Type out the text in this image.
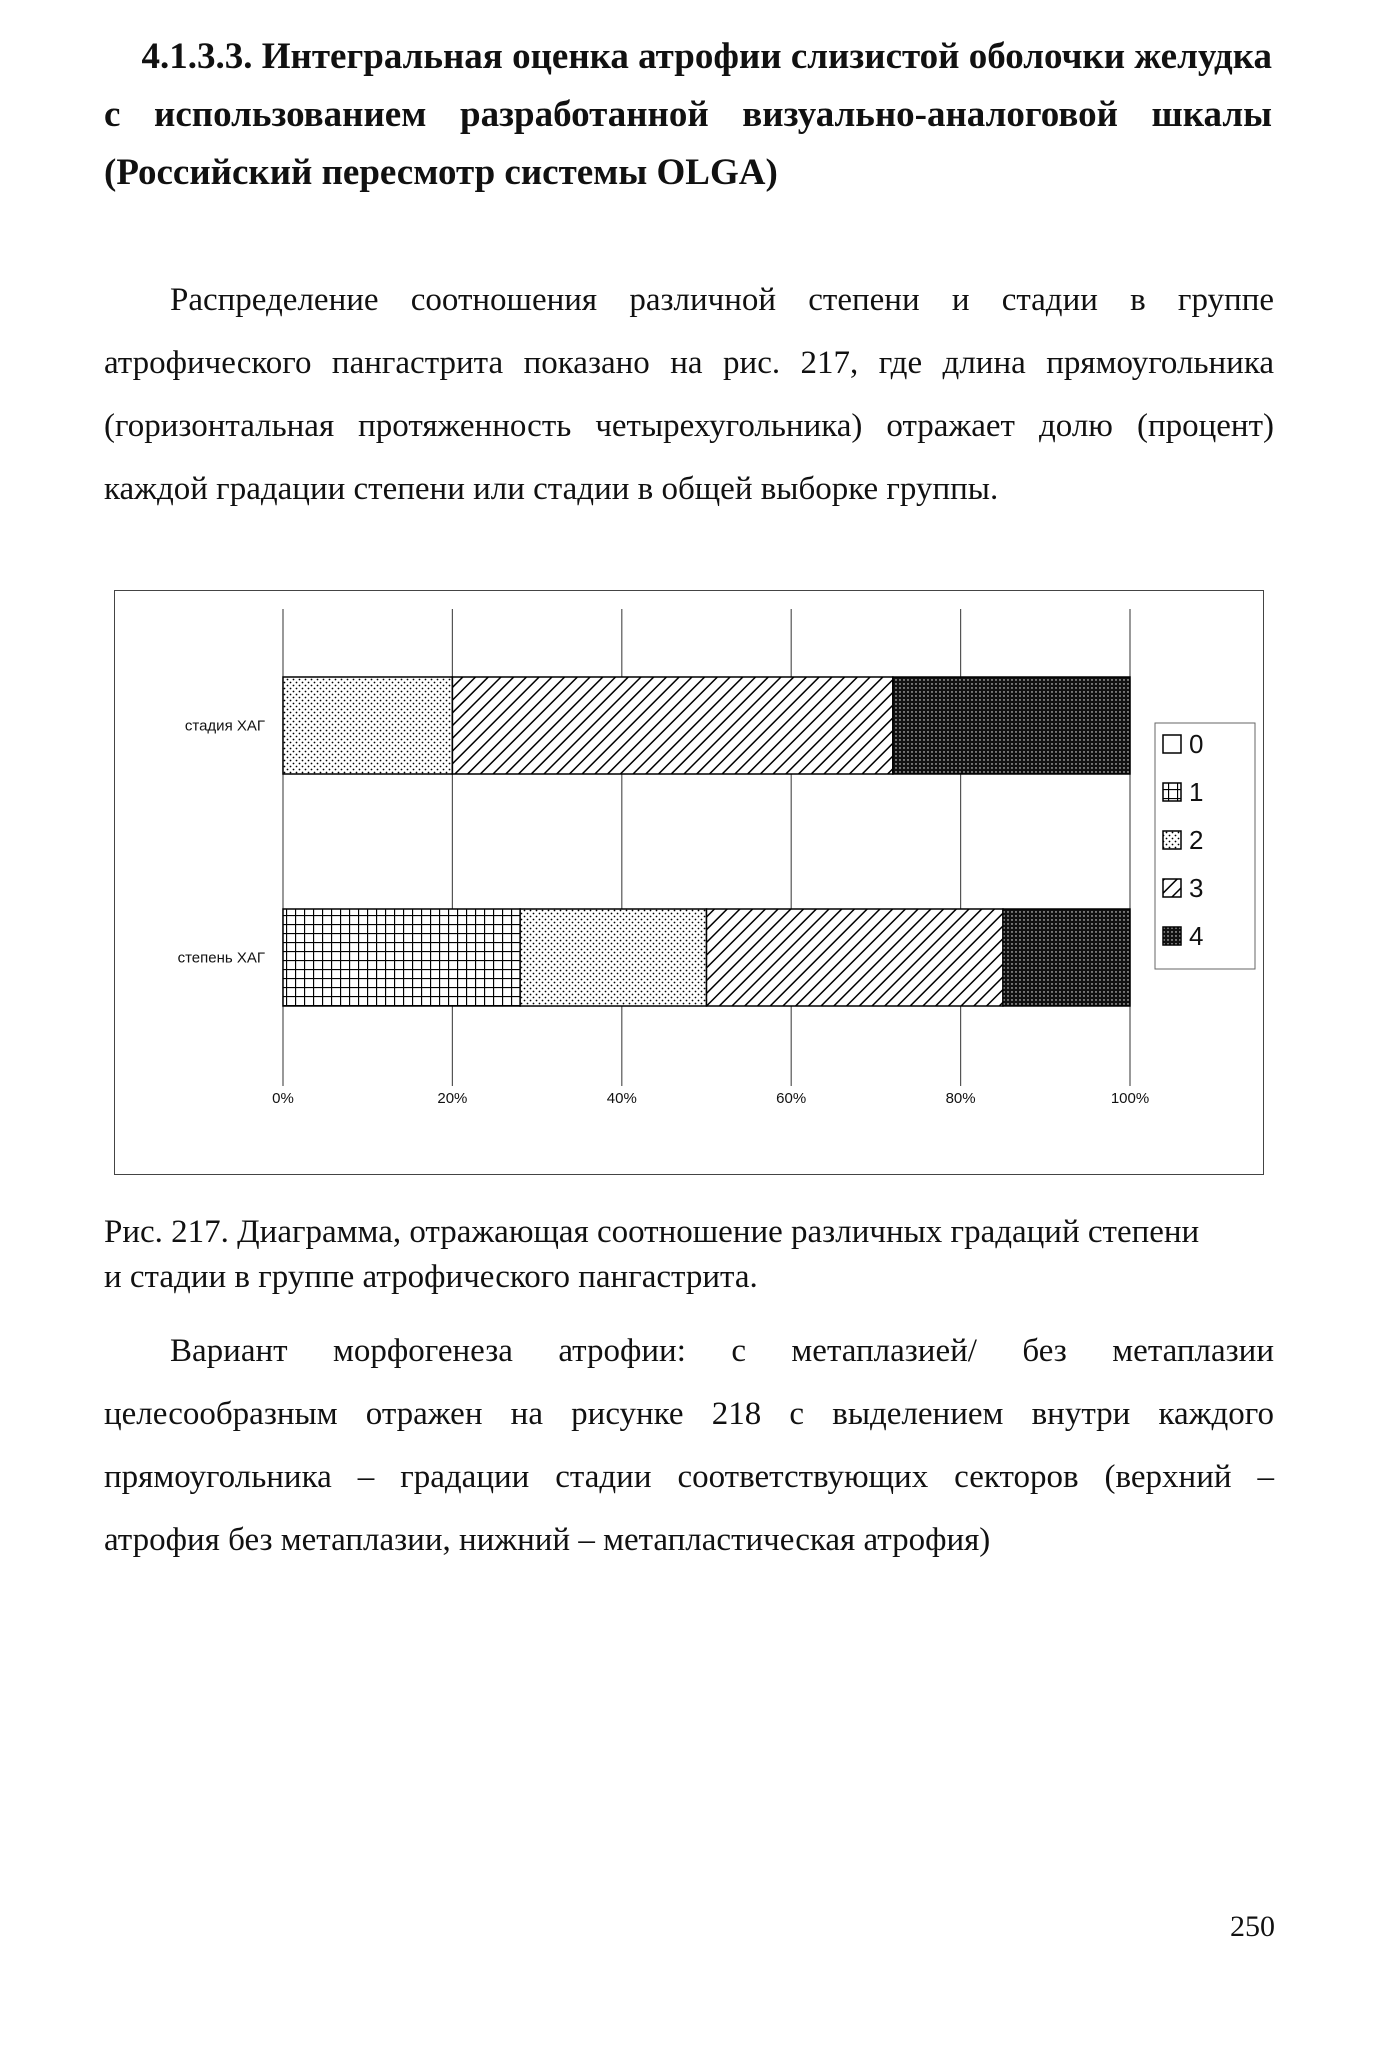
4.1.3.3. Интегральная оценка атрофии слизистой оболочки желудка
с использованием разработанной визуально-аналоговой шкалы
(Российский пересмотр системы OLGA)
Распределение соотношения различной степени и стадии в группе
атрофического пангастрита показано на рис. 217, где длина прямоугольника
(горизонтальная протяженность четырехугольника) отражает долю (процент)
каждой градации степени или стадии в общей выборке группы.
0%	20%	40%	60%	80%	100%
стадия ХАГ
степень ХАГ
0
1
2
3
4
Рис. 217. Диаграмма, отражающая соотношение различных градаций степени
и стадии в группе атрофического пангастрита.
Вариант морфогенеза атрофии: с метаплазией/ без метаплазии
целесообразным отражен на рисунке 218 с выделением внутри каждого
прямоугольника – градации стадии соответствующих секторов (верхний –
атрофия без метаплазии, нижний – метапластическая атрофия)
250
